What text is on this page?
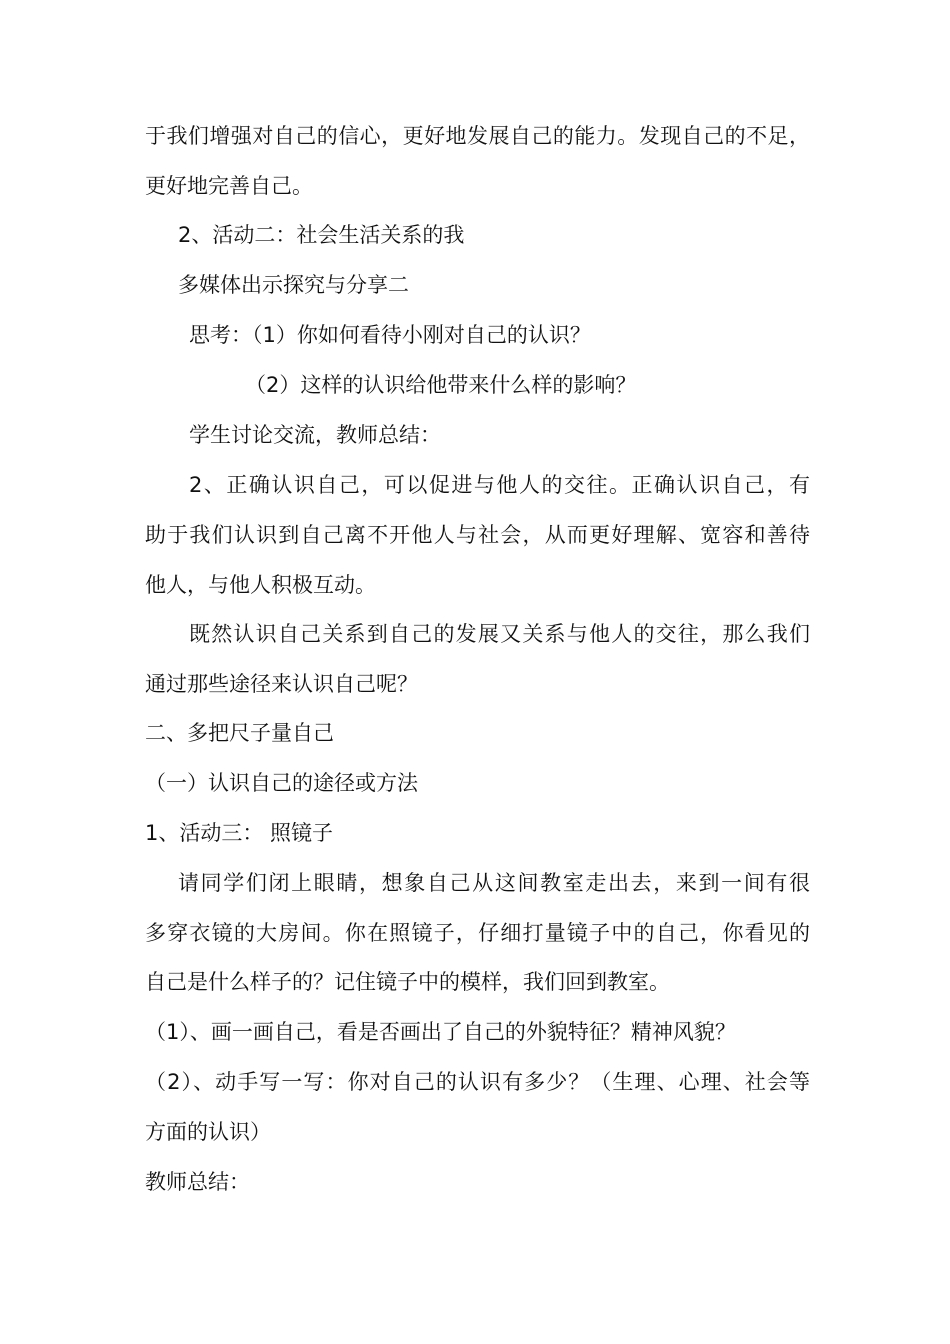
于我们增强对自己的信心，更好地发展自己的能力。发现自己的不足，
更好地完善自己。
2、活动二：社会生活关系的我
多媒体出示探究与分享二
思考：（1）你如何看待小刚对自己的认识？
（2）这样的认识给他带来什么样的影响？
学生讨论交流，教师总结：
2、正确认识自己，可以促进与他人的交往。正确认识自己，有
助于我们认识到自己离不开他人与社会，从而更好理解、宽容和善待
他人，与他人积极互动。
既然认识自己关系到自己的发展又关系与他人的交往，那么我们
通过那些途径来认识自己呢？
二、多把尺子量自己
（一）认识自己的途径或方法
1、活动三： 照镜子
请同学们闭上眼睛，想象自己从这间教室走出去，来到一间有很
多穿衣镜的大房间。你在照镜子，仔细打量镜子中的自己，你看见的
自己是什么样子的？记住镜子中的模样，我们回到教室。
（1）、画一画自己，看是否画出了自己的外貌特征？精神风貌？
（2）、动手写一写：你对自己的认识有多少？（生理、心理、社会等
方面的认识）
教师总结：
